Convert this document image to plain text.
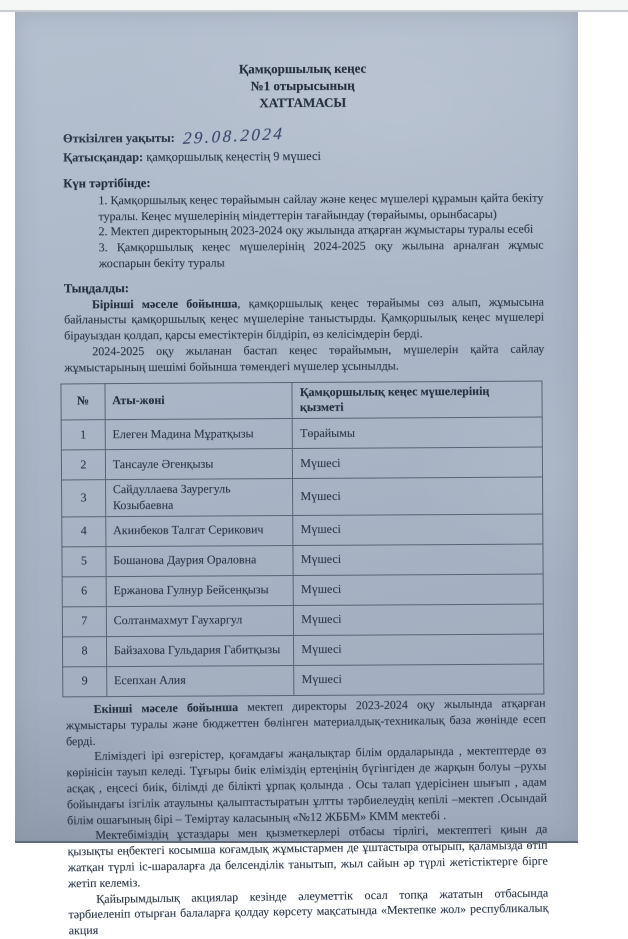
Қамқоршылық кеңес
№1 отырысының
ХАТТАМАСЫ
Өткізілген уақыты: 29.08.2024
Қатысқандар: қамқоршылық кеңестің 9 мүшесі
Күн тәртібінде:
1. Қамқоршылық кеңес төрайымын сайлау және кеңес мүшелері құрамын қайта бекіту туралы. Кеңес мүшелерінің міндеттерін тағайындау (төрайымы, орынбасары)
2. Мектеп директорының 2023-2024 оқу жылында атқарған жұмыстары туралы есебі
3. Қамқоршылық кеңес мүшелерінің 2024-2025 оқу жылына арналған жұмыс жоспарын бекіту туралы
Тыңдалды:

Бірінші мәселе бойынша, қамқоршылық кеңес төрайымы сөз алып, жұмысына байланысты қамқоршылық кеңес мүшелеріне таныстырды. Қамқоршылық кеңес мүшелері бірауыздан қолдап, қарсы еместіктерін білдіріп, өз келісімдерін берді.

2024-2025 оқу жыланан бастап кеңес төрайымын, мүшелерін қайта сайлау жұмыстарының шешімі бойынша төмендегі мүшелер ұсынылды.

№	Аты-жөні	Қамқоршылық кеңес мүшелерінің қызметі
1	Елеген Мадина Мұратқызы	Төрайымы
2	Тансауле Әгенқызы	Мүшесі
3	Сайдуллаева Заурегуль Козыбаевна	Мүшесі
4	Акинбеков Талгат Серикович	Мүшесі
5	Бошанова Даурия Ораловна	Мүшесі
6	Ержанова Гулнур Бейсенқызы	Мүшесі
7	Солтанмахмут Гаухаргул	Мүшесі
8	Байзахова Гульдария Габитқызы	Мүшесі
9	Есепхан Алия	Мүшесі

Екінші мәселе бойынша мектеп директоры 2023-2024 оқу жылында атқарған жұмыстары туралы және бюджеттен бөлінген материалдық-техникалық база жөнінде есеп берді.

Еліміздегі ірі өзгерістер, қоғамдағы жаңалықтар білім ордаларында , мектептерде өз көрінісін тауып келеді. Тұғыры биік еліміздің ертеңінің бүгінгіден де жарқын болуы –рухы асқақ , еңсесі биік, білімді де білікті ұрпақ қолында . Осы талап үдерісінен шығып , адам бойындағы ізгілік атаулыны қалыптастыратын ұлтты тәрбиелеудің кепілі –мектеп .Осындай білім ошағының бірі – Теміртау каласының «№12 ЖББМ» КММ мектебі .

Мектебіміздің ұстаздары мен қызметкерлері отбасы тірлігі, мектептегі қиын да қызықты еңбектегі косымша коғамдық жұмыстармен де ұштастыра отырып, қаламызда өтіп жатқан түрлі іс-шараларға да белсенділік танытып, жыл сайын әр түрлі жетістіктерге бірге жетіп келеміз.

Қайырымдылық акциялар кезінде әлеуметтік осал топқа жататын отбасында тәрбиеленіп отырған балаларға қолдау көрсету мақсатында «Мектепке жол» республикалық акция
